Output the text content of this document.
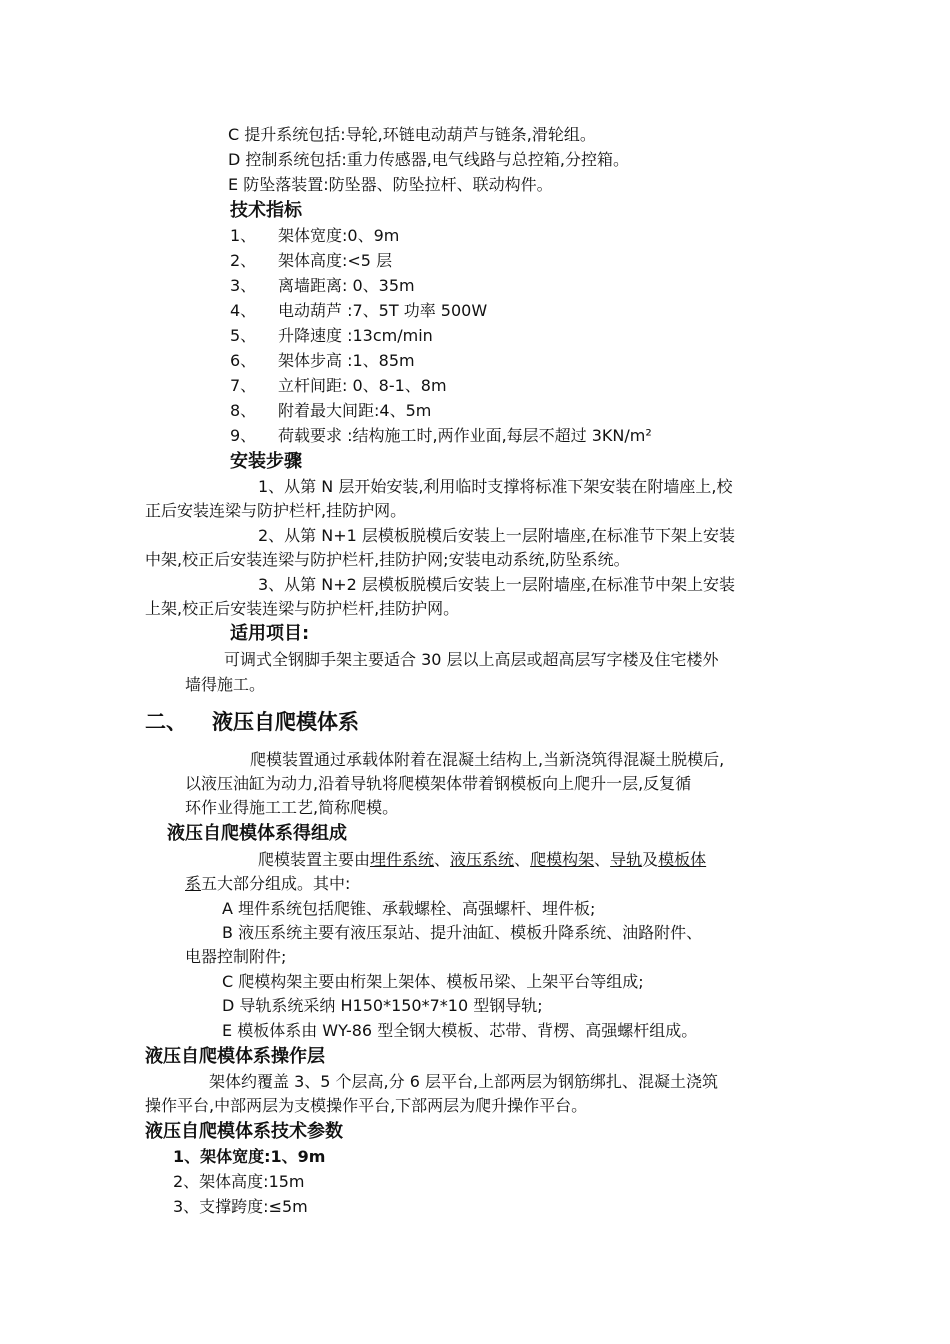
C 提升系统包括:导轮,环链电动葫芦与链条,滑轮组。
D 控制系统包括:重力传感器,电气线路与总控箱,分控箱。
E 防坠落装置:防坠器、防坠拉杆、联动构件。
技术指标
1、 架体宽度:0、9m
2、 架体高度:<5 层
3、 离墙距离: 0、35m
4、 电动葫芦 :7、5T 功率 500W
5、 升降速度 :13cm/min
6、 架体步高 :1、85m
7、 立杆间距: 0、8-1、8m
8、 附着最大间距:4、5m
9、 荷载要求 :结构施工时,两作业面,每层不超过 3KN/m²
安装步骤
1、从第 N 层开始安装,利用临时支撑将标准下架安装在附墙座上,校
正后安装连梁与防护栏杆,挂防护网。
2、从第 N+1 层模板脱模后安装上一层附墙座,在标准节下架上安装
中架,校正后安装连梁与防护栏杆,挂防护网;安装电动系统,防坠系统。
3、从第 N+2 层模板脱模后安装上一层附墙座,在标准节中架上安装
上架,校正后安装连梁与防护栏杆,挂防护网。
适用项目:
可调式全钢脚手架主要适合 30 层以上高层或超高层写字楼及住宅楼外
墙得施工。
二、 液压自爬模体系
爬模装置通过承载体附着在混凝土结构上,当新浇筑得混凝土脱模后,
以液压油缸为动力,沿着导轨将爬模架体带着钢模板向上爬升一层,反复循
环作业得施工工艺,简称爬模。
液压自爬模体系得组成
爬模装置主要由埋件系统、液压系统、爬模构架、导轨及模板体
系五大部分组成。其中:
A 埋件系统包括爬锥、承载螺栓、高强螺杆、埋件板;
B 液压系统主要有液压泵站、提升油缸、模板升降系统、油路附件、
电器控制附件;
C 爬模构架主要由桁架上架体、模板吊梁、上架平台等组成;
D 导轨系统采纳 H150*150*7*10 型钢导轨;
E 模板体系由 WY-86 型全钢大模板、芯带、背楞、高强螺杆组成。
液压自爬模体系操作层
架体约覆盖 3、5 个层高,分 6 层平台,上部两层为钢筋绑扎、混凝土浇筑
操作平台,中部两层为支模操作平台,下部两层为爬升操作平台。
液压自爬模体系技术参数
1、架体宽度:1、9m
2、架体高度:15m
3、支撑跨度:≤5m
